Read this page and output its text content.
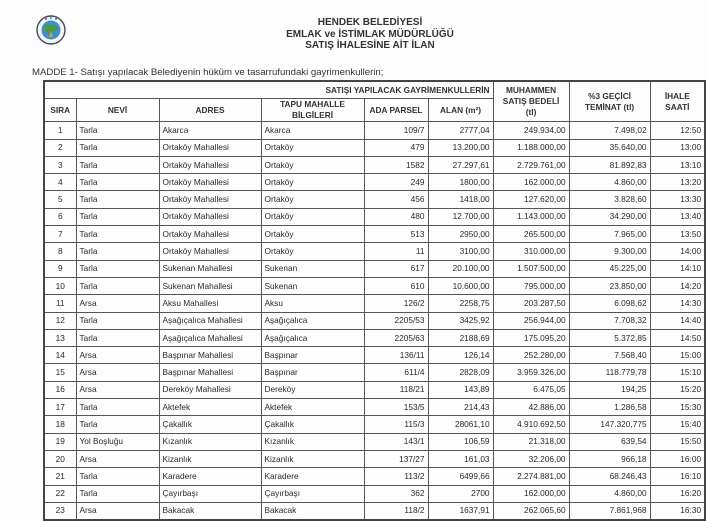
HENDEK BELEDİYESİ
EMLAK ve İSTİMLAK MÜDÜRLÜĞÜ
SATIŞ İHALESİNE AİT İLAN
MADDE 1- Satışı yapılacak Belediyenin hüküm ve tasarrufundaki gayrimenkullerin;
SATIŞI YAPILACAK GAYRİMENKULLERİN						MUHAMMEN SATIŞ BEDELİ (tl)	%3 GEÇİCİ TEMİNAT (tl)	İHALE SAATİ
SIRA	NEVİ	ADRES	TAPU MAHALLE BİLGİLERİ	ADA PARSEL	ALAN (m²)			
1	Tarla	Akarca	Akarca	109/7	2777,04	249.934,00	7.498,02	12:50
2	Tarla	Ortaköy Mahallesi	Ortaköy	479	13.200,00	1.188.000,00	35.640,00	13:00
3	Tarla	Ortaköy Mahallesi	Ortaköy	1582	27.297,61	2.729.761,00	81.892,83	13:10
4	Tarla	Ortaköy Mahallesi	Ortaköy	249	1800,00	162.000,00	4.860,00	13:20
5	Tarla	Ortaköy Mahallesi	Ortaköy	456	1418,00	127.620,00	3.828,60	13:30
6	Tarla	Ortaköy Mahallesi	Ortaköy	480	12.700,00	1.143.000,00	34.290,00	13:40
7	Tarla	Ortaköy Mahallesi	Ortaköy	513	2950,00	265.500,00	7.965,00	13:50
8	Tarla	Ortaköy Mahallesi	Ortaköy	11	3100,00	310.000,00	9.300,00	14:00
9	Tarla	Sukenan Mahallesi	Sukenan	617	20.100,00	1.507.500,00	45.225,00	14:10
10	Tarla	Sukenan Mahallesi	Sukenan	610	10.600,00	795.000,00	23.850,00	14:20
11	Arsa	Aksu Mahallesi	Aksu	126/2	2258,75	203.287,50	6.098,62	14:30
12	Tarla	Aşağıçalıca Mahallesi	Aşağıçalıca	2205/53	3425,92	256.944,00	7.708,32	14:40
13	Tarla	Aşağıçalıca Mahallesi	Aşağıçalıca	2205/63	2188,69	175.095,20	5.372,85	14:50
14	Arsa	Başpınar Mahallesi	Başpınar	136/11	126,14	252.280,00	7.568,40	15:00
15	Arsa	Başpınar Mahallesi	Başpınar	611/4	2828,09	3.959.326,00	118.779,78	15:10
16	Arsa	Dereköy Mahallesi	Dereköy	118/21	143,89	6.475,05	194,25	15:20
17	Tarla	Aktefek	Aktefek	153/5	214,43	42.886,00	1.286,58	15:30
18	Tarla	Çakallık	Çakallık	115/3	28061,10	4.910.692,50	147.320,775	15:40
19	Yol Boşluğu	Kızanlık	Kızanlık	143/1	106,59	21.318,00	639,54	15:50
20	Arsa	Kizanlık	Kizanlık	137/27	161,03	32.206,00	966,18	16:00
21	Tarla	Karadere	Karadere	113/2	6499,66	2.274.881,00	68.246,43	16:10
22	Tarla	Çayırbaşı	Çayırbaşı	362	2700	162.000,00	4.860,00	16:20
23	Arsa	Bakacak	Bakacak	118/2	1637,91	262.065,60	7.861,968	16:30
